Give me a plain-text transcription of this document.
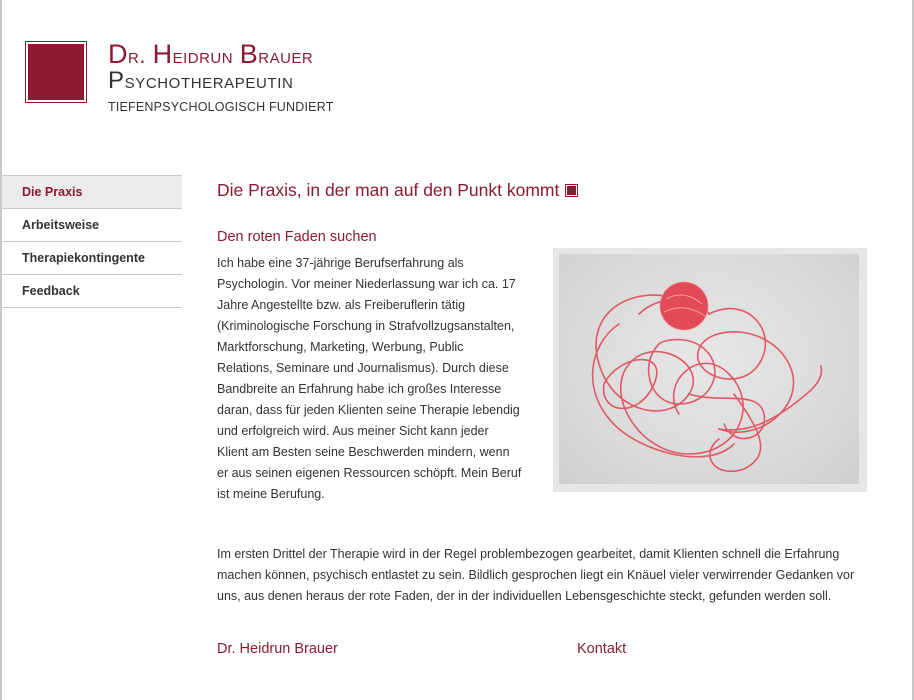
Dr. Heidrun Brauer
Psychotherapeutin
TIEFENPSYCHOLOGISCH FUNDIERT
Die Praxis
Arbeitsweise
Therapiekontingente
Feedback
Die Praxis, in der man auf den Punkt kommt
Den roten Faden suchen
Ich habe eine 37-jährige Berufserfahrung als Psychologin. Vor meiner Niederlassung war ich ca. 17 Jahre Angestellte bzw. als Freiberuflerin tätig (Kriminologische Forschung in Strafvollzugsanstalten, Marktforschung, Marketing, Werbung, Public Relations, Seminare und Journalismus). Durch diese Bandbreite an Erfahrung habe ich großes Interesse daran, dass für jeden Klienten seine Therapie lebendig und erfolgreich wird. Aus meiner Sicht kann jeder Klient am Besten seine Beschwerden mindern, wenn er aus seinen eigenen Ressourcen schöpft. Mein Beruf ist meine Berufung.
Im ersten Drittel der Therapie wird in der Regel problembezogen gearbeitet, damit Klienten schnell die Erfahrung machen können, psychisch entlastet zu sein. Bildlich gesprochen liegt ein Knäuel vieler verwirrender Gedanken vor uns, aus denen heraus der rote Faden, der in der individuellen Lebensgeschichte steckt, gefunden werden soll.
Dr. Heidrun Brauer	Kontakt
